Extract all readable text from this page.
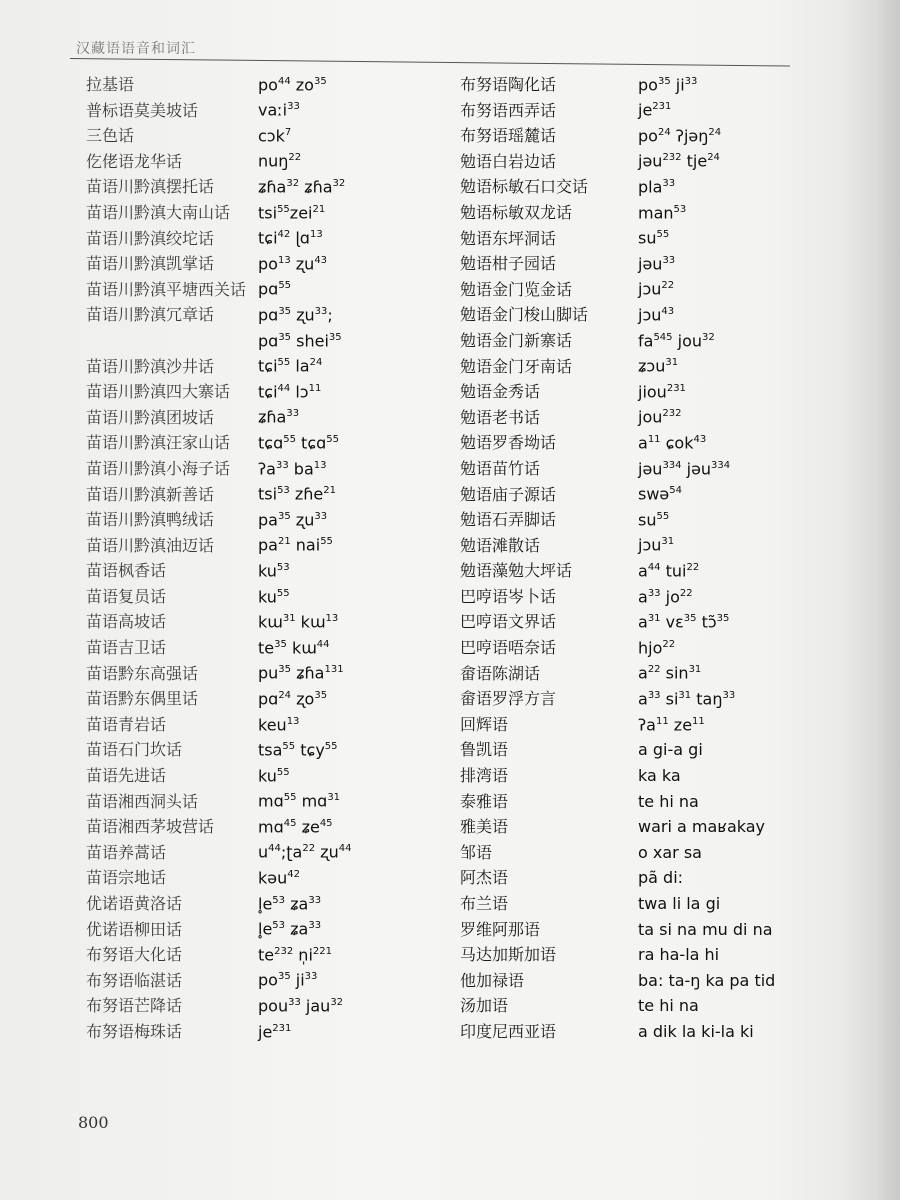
汉藏语语音和词汇
拉基语	$po^{44}$ $zo^{35}$
普标语莫美坡话	vaːi$^{33}$
三色话	cɔk$^7$
仡佬语龙华话	nuŋ$^{22}$
苗语川黔滇摆托话	ʑɦa$^{32}$ ʑɦa$^{32}$
苗语川黔滇大南山话	tsi$^{55}$zei$^{21}$
苗语川黔滇绞坨话	tɕi$^{42}$ ɭɑ$^{13}$
苗语川黔滇凯掌话	$po^{13}$ ʐu$^{43}$
苗语川黔滇平塘西关话 pɑ$^{55}$
苗语川黔滇冗章话	pɑ$^{35}$ ʐu$^{33}$;
pɑ$^{35}$ shei$^{35}$
苗语川黔滇沙井话	tɕi$^{55}$ $la^{24}$
苗语川黔滇四大寨话	tɕi$^{44}$ lɔ$^{11}$
苗语川黔滇团坡话	ʑɦa$^{33}$
苗语川黔滇汪家山话	tɕɑ$^{55}$ tɕɑ$^{55}$
苗语川黔滇小海子话	ʔa$^{33}$ $ba^{13}$
苗语川黔滇新善话	tsi$^{53}$ zɦe$^{21}$
苗语川黔滇鸭绒话	$pa^{35}$ ʐu$^{33}$
苗语川黔滇油迈话	$pa^{21}$ nai$^{55}$
苗语枫香话	$ku^{53}$
苗语复员话	$ku^{55}$
苗语高坡话	kɯ$^{31}$ kɯ$^{13}$
苗语吉卫话	$te^{35}$ kɯ$^{44}$
苗语黔东高强话	$pu^{35}$ ʑɦa$^{131}$
苗语黔东偶里话	pɑ$^{24}$ ʐo$^{35}$
苗语青岩话	keu$^{13}$
苗语石门坎话	tsa$^{55}$ tɕy$^{55}$
苗语先进话	$ku^{55}$
苗语湘西洞头话	mɑ$^{55}$ mɑ$^{31}$
苗语湘西茅坡营话	mɑ$^{45}$ ʑe$^{45}$
苗语养蒿话	$u^{44};ʈa^{22}$ ʐu$^{44}$
苗语宗地话	kəu$^{42}$
优诺语黄洛话	$l̥e^{53}$ ʑa$^{33}$
优诺语柳田话	$l̥e^{53}$ ʑa$^{33}$
布努语大化话	$te^{232}$ $n̩i^{221}$
布努语临湛话	$po^{35}$ $ji^{33}$
布努语芒降话	pou$^{33}$ jau$^{32}$
布努语梅珠话	$je^{231}$
布努语陶化话	$po^{35}$ $ji^{33}$
布努语西弄话	$je^{231}$
布努语瑶麓话	$po^{24}$ ʔjəŋ$^{24}$
勉语白岩边话	jəu$^{232}$ tje$^{24}$
勉语标敏石口交话	pla$^{33}$
勉语标敏双龙话	man$^{53}$
勉语东坪洞话	$su^{55}$
勉语柑子园话	jəu$^{33}$
勉语金门览金话	jɔu$^{22}$
勉语金门梭山脚话	jɔu$^{43}$
勉语金门新寨话	$fa^{545}$ jou$^{32}$
勉语金门牙南话	ʑɔu$^{31}$
勉语金秀话	jiou$^{231}$
勉语老书话	jou$^{232}$
勉语罗香坳话	$a^{11}$ ɕok$^{43}$
勉语苗竹话	jəu$^{334}$ jəu$^{334}$
勉语庙子源话	swə$^{54}$
勉语石弄脚话	$su^{55}$
勉语滩散话	jɔu$^{31}$
勉语藻勉大坪话	$a^{44}$ tui$^{22}$
巴哼语岑卜话	$a^{33}$ $jo^{22}$
巴哼语文界话	$a^{31}$ vɛ$^{35}$ tɔ̃$^{35}$
巴哼语唔奈话	hjo$^{22}$
畲语陈湖话	$a^{22}$ $\sin^{31}$
畲语罗浮方言	$a^{33}$ $si^{31}$ taŋ$^{33}$
回辉语	ʔa$^{11}$ $ze^{11}$
鲁凯语	a gi-a gi
排湾语	ka ka
泰雅语	te hi na
雅美语	wari a maʁakay
邹语	o xar sa
阿杰语	pã di:
布兰语	twa li la gi
罗维阿那语	ta si na mu di na
马达加斯加语	ra ha-la hi
他加禄语	ba: ta-ŋ ka pa tid
汤加语	te hi na
印度尼西亚语	a dik la ki-la ki
800
